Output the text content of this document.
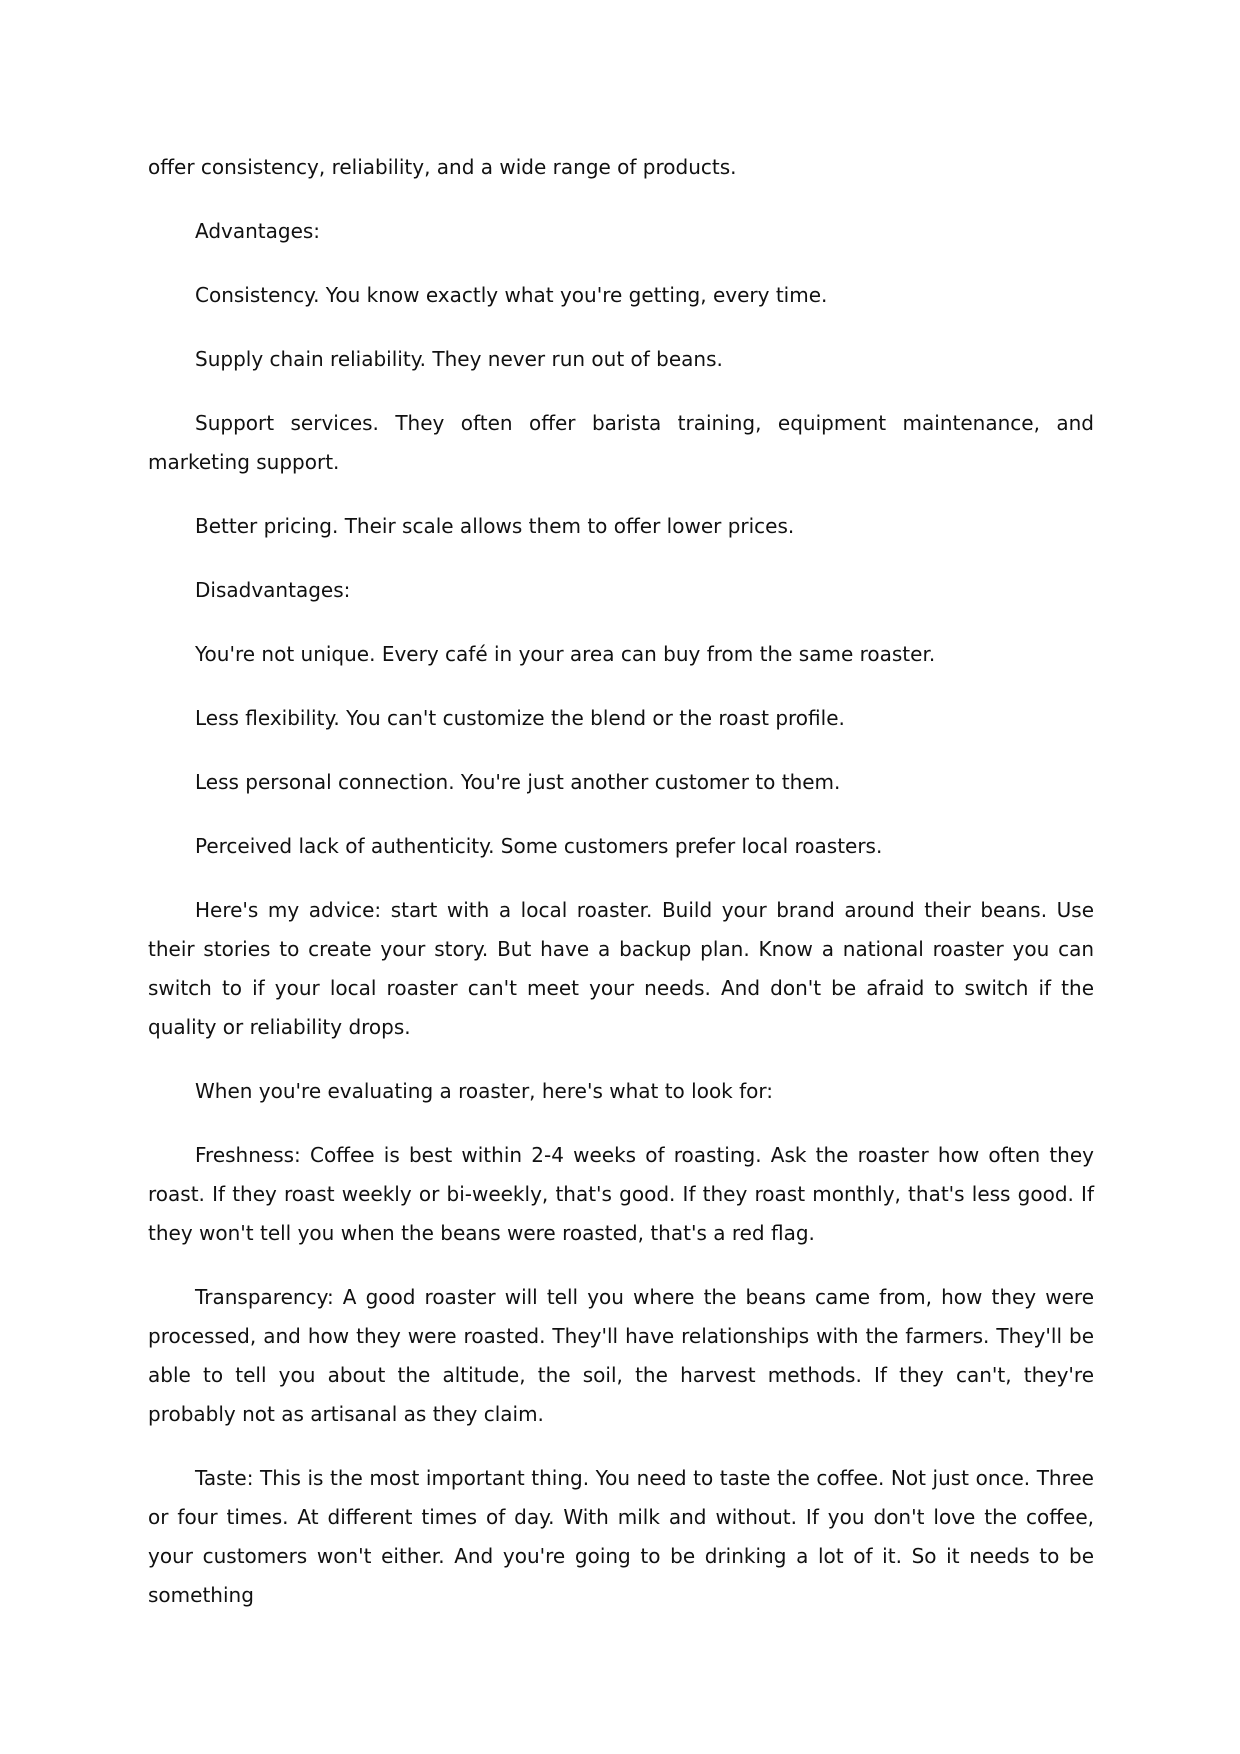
offer consistency, reliability, and a wide range of products.

Advantages:

Consistency. You know exactly what you're getting, every time.

Supply chain reliability. They never run out of beans.

Support services. They often offer barista training, equipment maintenance, and marketing support.

Better pricing. Their scale allows them to offer lower prices.

Disadvantages:

You're not unique. Every café in your area can buy from the same roaster.

Less flexibility. You can't customize the blend or the roast profile.

Less personal connection. You're just another customer to them.

Perceived lack of authenticity. Some customers prefer local roasters.

Here's my advice: start with a local roaster. Build your brand around their beans. Use their stories to create your story. But have a backup plan. Know a national roaster you can switch to if your local roaster can't meet your needs. And don't be afraid to switch if the quality or reliability drops.

When you're evaluating a roaster, here's what to look for:

Freshness: Coffee is best within 2-4 weeks of roasting. Ask the roaster how often they roast. If they roast weekly or bi-weekly, that's good. If they roast monthly, that's less good. If they won't tell you when the beans were roasted, that's a red flag.

Transparency: A good roaster will tell you where the beans came from, how they were processed, and how they were roasted. They'll have relationships with the farmers. They'll be able to tell you about the altitude, the soil, the harvest methods. If they can't, they're probably not as artisanal as they claim.

Taste: This is the most important thing. You need to taste the coffee. Not just once. Three or four times. At different times of day. With milk and without. If you don't love the coffee, your customers won't either. And you're going to be drinking a lot of it. So it needs to be something
